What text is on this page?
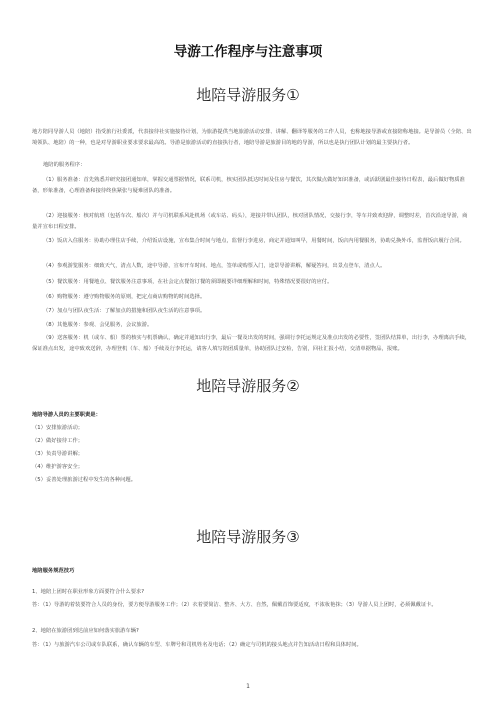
导游工作程序与注意事项
地陪导游服务①
地方陪同导游人员（地陪）指受旅行社委派，代表接待社实施接待计划，为旅游提供当地旅游活动安排、讲解、翻译等服务的工作人员，也称地接导游或直接陪称地接。是导游员（全陪、出境领队、地陪）的一种，也是对导游职业要求要求最高的。导游是旅游活动的直接执行者，地陪导游是旅游目的地的导游，所以也是执行团队计划的最主要执行者。
地陪的服务程序：
（1）服务准备：首先熟悉并研究接团通知单，掌握交通票据情况，联系司机，核实团队抵达时间及住房与餐饮，其次做点做好知识准备，或活跃剧最佳接待日程表，最后做好物质准备，形象准备，心理准备和接待终焦紧张与疑难团队的准备。
（2）迎接服务：核对航班（包括车次、船次）并与司机联系风赴机场（或车站、码头），迎接并带认团队，核对团队情况，交接行李，等车并致欢迎辞，调整时差，首次沿途导游，商量并宣布日程安排。
（3）饭店入住服务：协助办理住店手续，介绍饭店设施，宣布集合时间与地点，监督行李进房，商定并通知叫早，用餐时间，饭店内用餐服务，协助兑换外币，监督饭店履行合同。
（4）参观游览服务：细致天气，清点人数，途中导游，宣布开车时间、地点，签单或购票入门，途景导游讲解，解疑答问，出景点登车，清点人。
（5）餐饮服务：用餐地点、餐饮服务注意事项，在社会定点餐馆订餐的须即履要详细理解和时间，特殊情况要很好的应付。
（6）购物服务：遵守购物服务的原则，把定点商店购物的时间选择。
（7）加点与团队夜生活：了解加点的措施和团队夜生活的注意事项。
（8）其他服务：参观、会见服务，会议旅游。
（9）送客服务：机（或车、船）票的核实与机票确认，确定并通知出行李，最后一餐及出发的时间，强调行李托运规定及准点出发的必要性，签团队结算单，出行李，办理离店手续，保证准点出发，途中致欢送辞，办理登机（车、船）手续及行李托运，请客人填写陪团质量单，协助团队过安检，告别，回社汇报小结，交清单据物品，报账。
地陪导游服务②
地陪导游人员的主要职责是：
（1）安排旅游活动；
（2）做好接待工作；
（3）负责导游讲解；
（4）维护游客安全；
（5）妥善处理旅游过程中发生的各种问题。
地陪导游服务③
地陪服务规范技巧
1、地陪上团时在职业形象方面要符合什么要求?
答：（1）导游的着装要符合人员的身份，要方便导游服务工作；（2）衣着要简洁、整齐、大方、自然，佩戴首饰要适度，不浓妆艳抹；（3）导游人员上团时，必须佩戴证卡。
2、地陪在旅游团到达前应如何落实旅游车辆?
答：（1）与旅游汽车公司或车队联系，确认车辆的车型、车牌号和司机姓名及电话；（2）确定与司机的接头地点并告知活动日程和具体时间。
1
